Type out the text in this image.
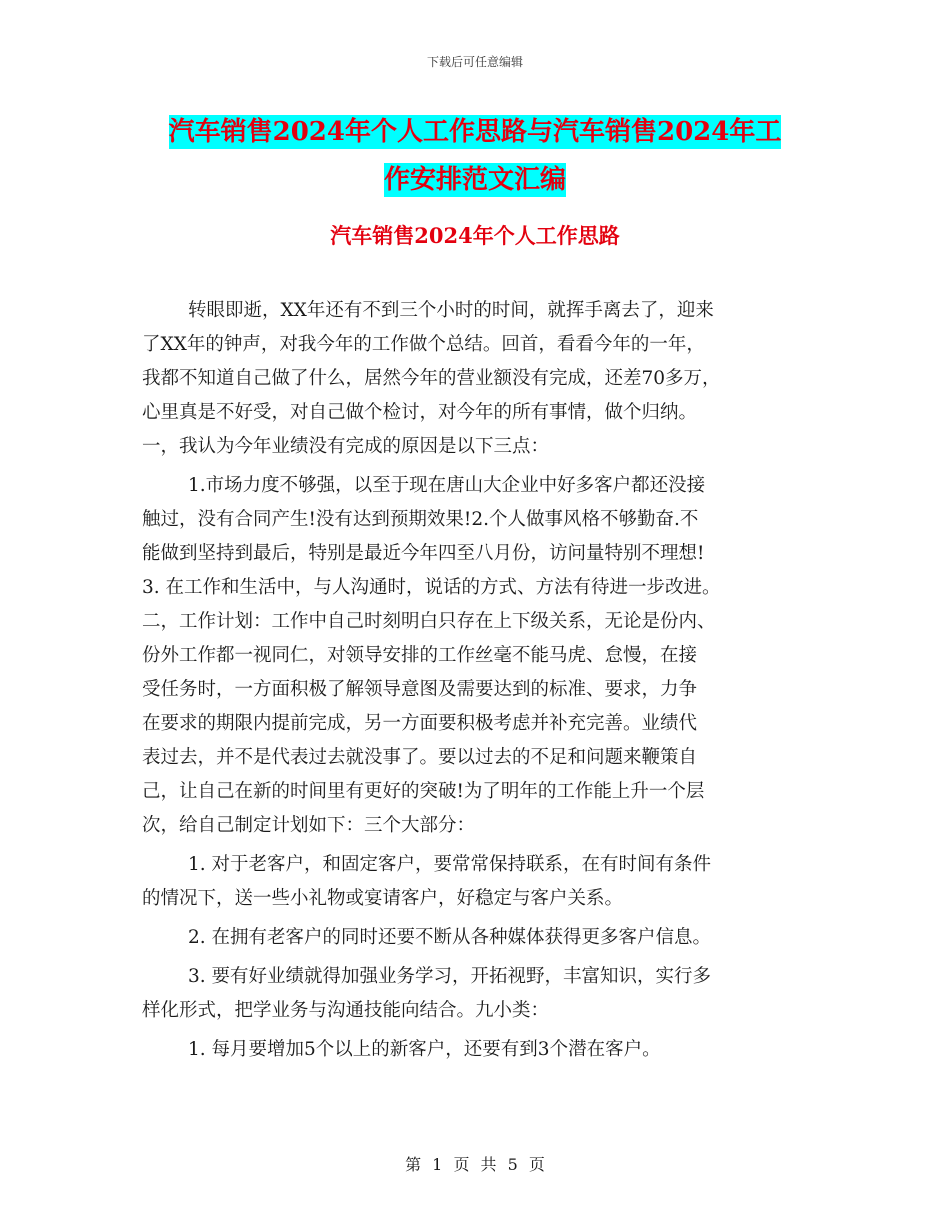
下载后可任意编辑
汽车销售2024年个人工作思路与汽车销售2024年工
作安排范文汇编
汽车销售2024年个人工作思路
转眼即逝，XX年还有不到三个小时的时间，就挥手离去了，迎来
了XX年的钟声，对我今年的工作做个总结。回首，看看今年的一年，
我都不知道自己做了什么，居然今年的营业额没有完成，还差70多万，
心里真是不好受，对自己做个检讨，对今年的所有事情，做个归纳。
一，我认为今年业绩没有完成的原因是以下三点：
1.市场力度不够强，以至于现在唐山大企业中好多客户都还没接
触过，没有合同产生!没有达到预期效果!2.个人做事风格不够勤奋.不
能做到坚持到最后，特别是最近今年四至八月份，访问量特别不理想!
3. 在工作和生活中，与人沟通时，说话的方式、方法有待进一步改进。
二，工作计划：工作中自己时刻明白只存在上下级关系，无论是份内、
份外工作都一视同仁，对领导安排的工作丝毫不能马虎、怠慢，在接
受任务时，一方面积极了解领导意图及需要达到的标准、要求，力争
在要求的期限内提前完成，另一方面要积极考虑并补充完善。业绩代
表过去，并不是代表过去就没事了。要以过去的不足和问题来鞭策自
己，让自己在新的时间里有更好的突破!为了明年的工作能上升一个层
次，给自己制定计划如下：三个大部分：
1. 对于老客户，和固定客户，要常常保持联系，在有时间有条件
的情况下，送一些小礼物或宴请客户，好稳定与客户关系。
2. 在拥有老客户的同时还要不断从各种媒体获得更多客户信息。
3. 要有好业绩就得加强业务学习，开拓视野，丰富知识，实行多
样化形式，把学业务与沟通技能向结合。九小类：
1. 每月要增加5个以上的新客户，还要有到3个潜在客户。
第 1 页 共 5 页
